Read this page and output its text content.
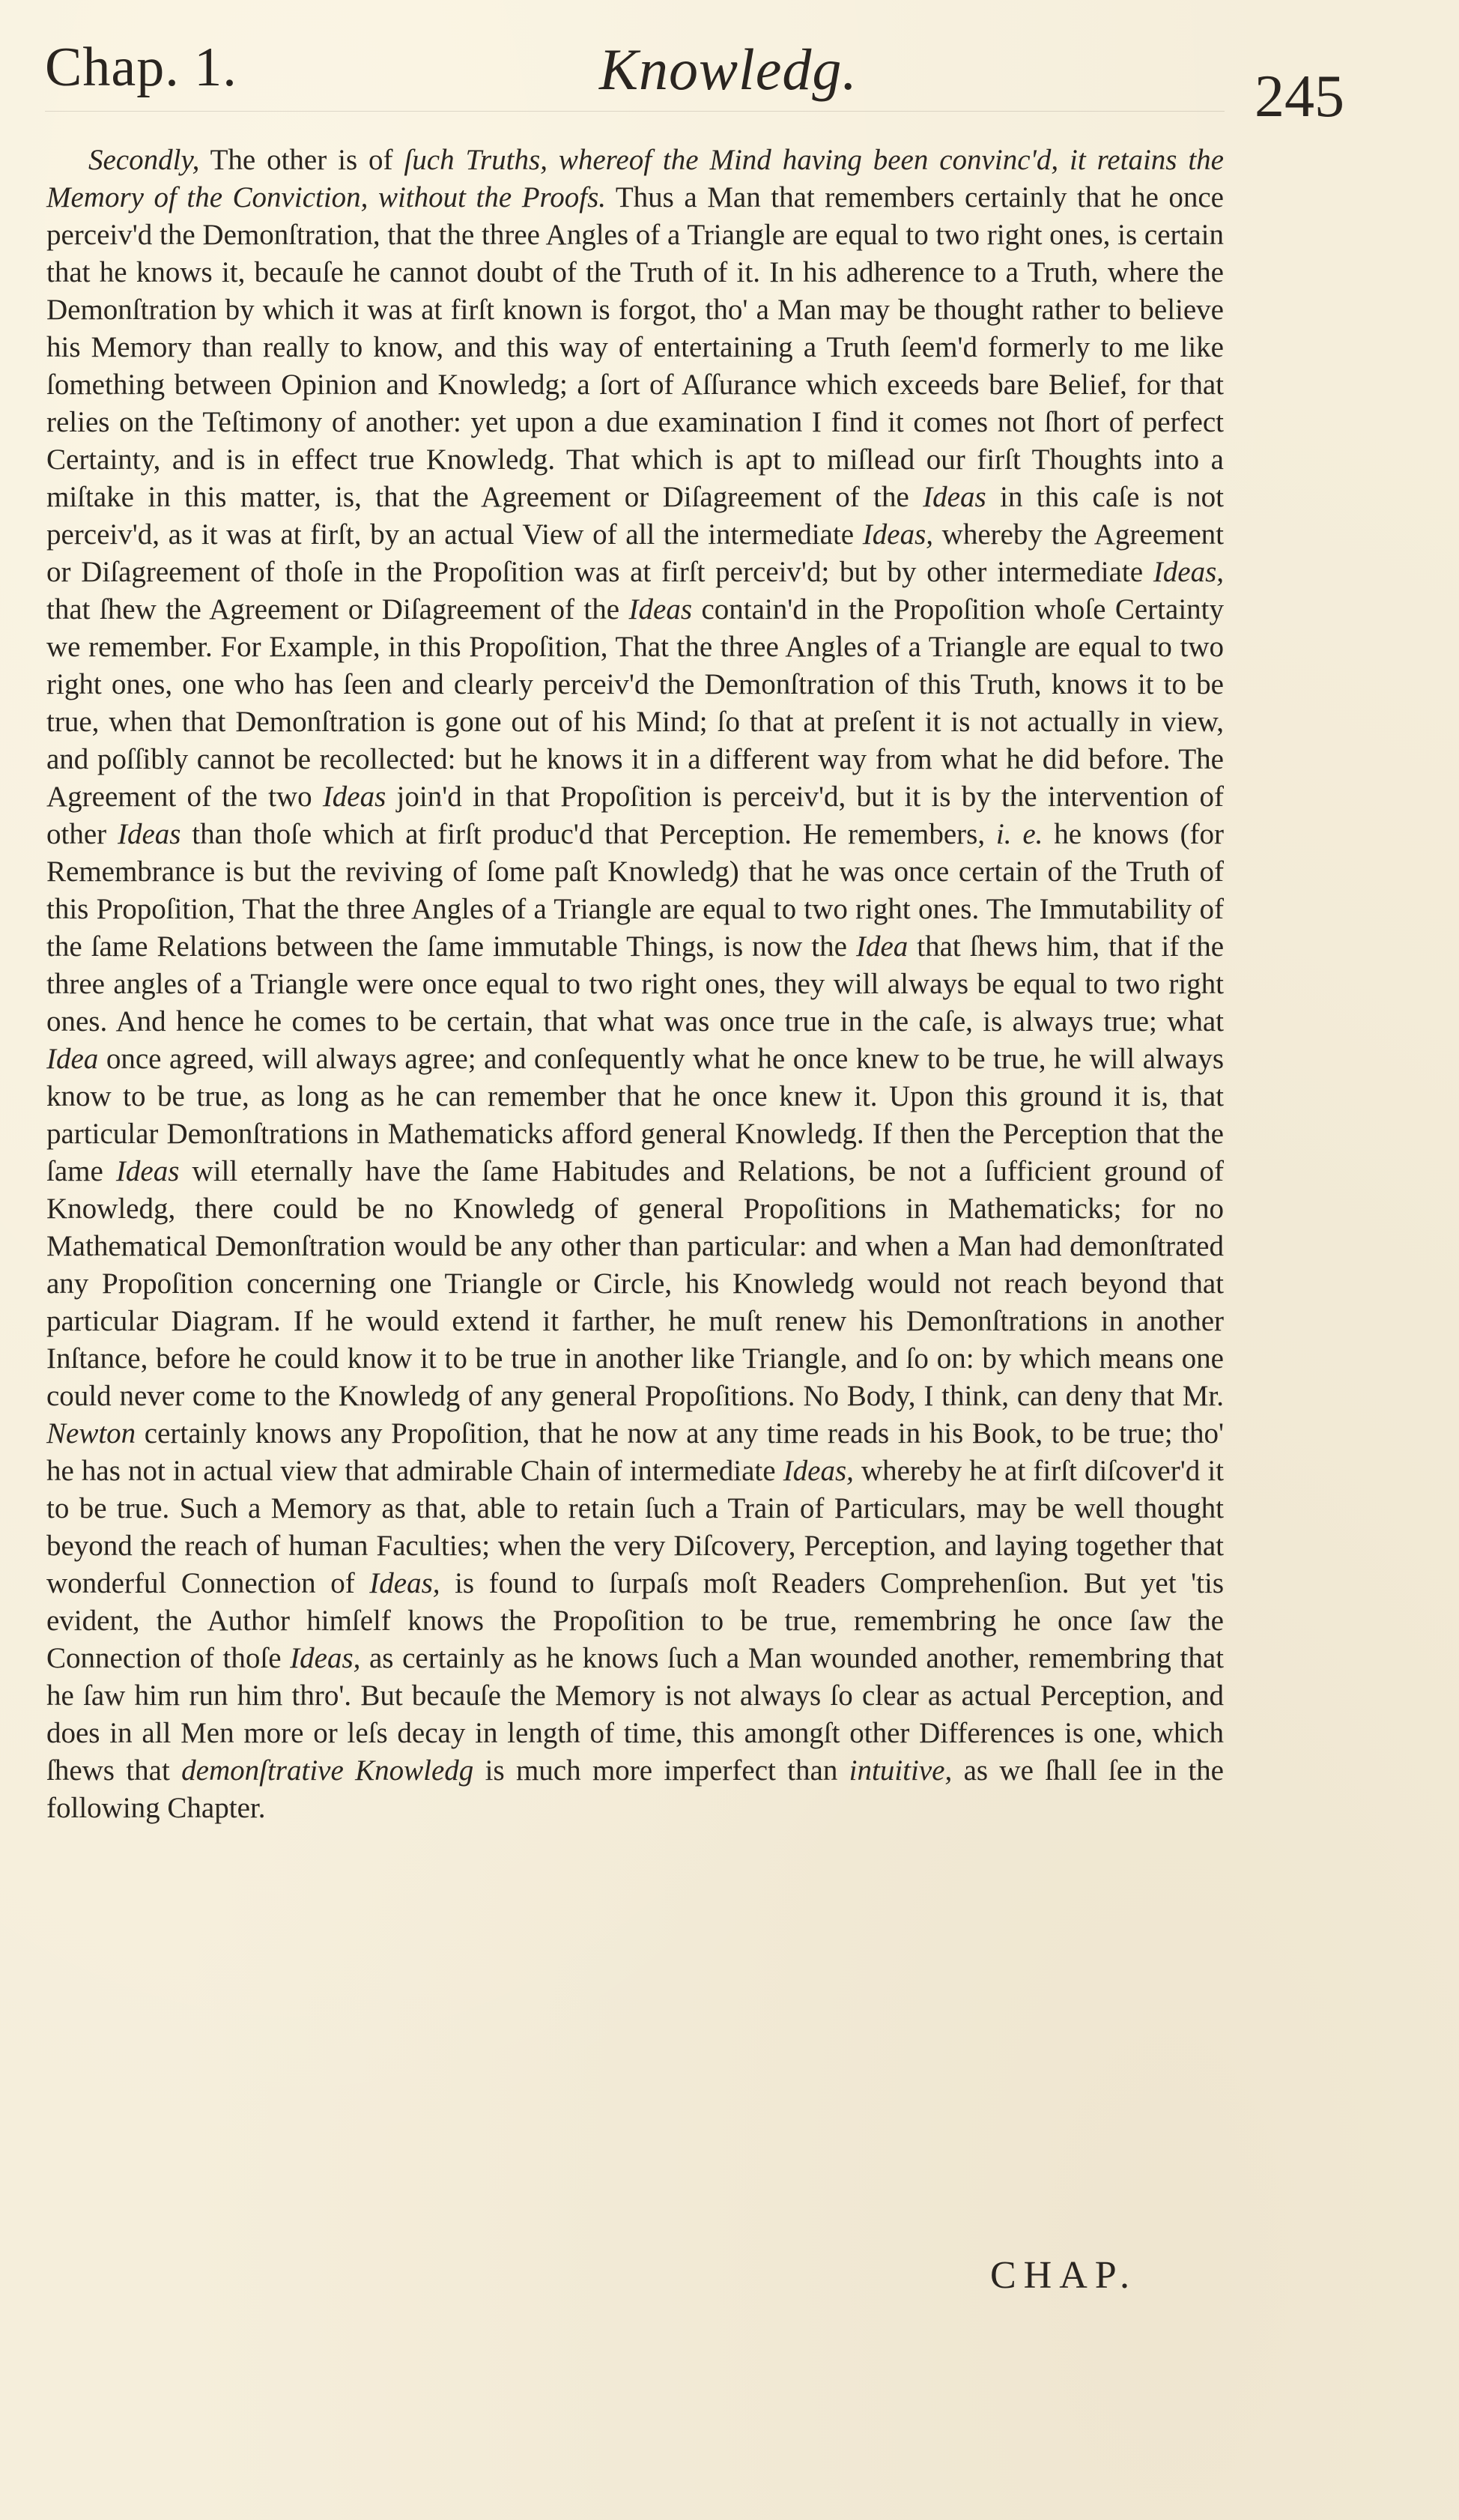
Chap. 1.	Knowledg.	245

Secondly, The other is of ſuch Truths, whereof the Mind having been convinc'd, it retains the Memory of the Conviction, without the Proofs. Thus a Man that remembers certainly that he once perceiv'd the Demonſtration, that the three Angles of a Triangle are equal to two right ones, is certain that he knows it, becauſe he cannot doubt of the Truth of it. In his adherence to a Truth, where the Demonſtration by which it was at firſt known is forgot, tho' a Man may be thought rather to believe his Memory than really to know, and this way of entertaining a Truth ſeem'd formerly to me like ſomething between Opinion and Knowledg; a ſort of Aſſurance which exceeds bare Belief, for that relies on the Teſtimony of another: yet upon a due examination I find it comes not ſhort of perfect Certainty, and is in effect true Knowledg. That which is apt to miſlead our firſt Thoughts into a miſtake in this matter, is, that the Agreement or Diſagreement of the Ideas in this caſe is not perceiv'd, as it was at firſt, by an actual View of all the intermediate Ideas, whereby the Agreement or Diſagreement of thoſe in the Propoſition was at firſt perceiv'd; but by other intermediate Ideas, that ſhew the Agreement or Diſagreement of the Ideas contain'd in the Propoſition whoſe Certainty we remember. For Example, in this Propoſition, That the three Angles of a Triangle are equal to two right ones, one who has ſeen and clearly perceiv'd the Demonſtration of this Truth, knows it to be true, when that Demonſtration is gone out of his Mind; ſo that at preſent it is not actually in view, and poſſibly cannot be recollected: but he knows it in a different way from what he did before. The Agreement of the two Ideas join'd in that Propoſition is perceiv'd, but it is by the intervention of other Ideas than thoſe which at firſt produc'd that Perception. He remembers, i. e. he knows (for Remembrance is but the reviving of ſome paſt Knowledg) that he was once certain of the Truth of this Propoſition, That the three Angles of a Triangle are equal to two right ones. The Immutability of the ſame Relations between the ſame immutable Things, is now the Idea that ſhews him, that if the three angles of a Triangle were once equal to two right ones, they will always be equal to two right ones. And hence he comes to be certain, that what was once true in the caſe, is always true; what Idea once agreed, will always agree; and conſequently what he once knew to be true, he will always know to be true, as long as he can remember that he once knew it. Upon this ground it is, that particular Demonſtrations in Mathematicks afford general Knowledg. If then the Perception that the ſame Ideas will eternally have the ſame Habitudes and Relations, be not a ſufficient ground of Knowledg, there could be no Knowledg of general Propoſitions in Mathematicks; for no Mathematical Demonſtration would be any other than particular: and when a Man had demonſtrated any Propoſition concerning one Triangle or Circle, his Knowledg would not reach beyond that particular Diagram. If he would extend it farther, he muſt renew his Demonſtrations in another Inſtance, before he could know it to be true in another like Triangle, and ſo on: by which means one could never come to the Knowledg of any general Propoſitions. No Body, I think, can deny that Mr. Newton certainly knows any Propoſition, that he now at any time reads in his Book, to be true; tho' he has not in actual view that admirable Chain of intermediate Ideas, whereby he at firſt diſcover'd it to be true. Such a Memory as that, able to retain ſuch a Train of Particulars, may be well thought beyond the reach of human Faculties; when the very Diſcovery, Perception, and laying together that wonderful Connection of Ideas, is found to ſurpaſs moſt Readers Comprehenſion. But yet 'tis evident, the Author himſelf knows the Propoſition to be true, remembring he once ſaw the Connection of thoſe Ideas, as certainly as he knows ſuch a Man wounded another, remembring that he ſaw him run him thro'. But becauſe the Memory is not always ſo clear as actual Perception, and does in all Men more or leſs decay in length of time, this amongſt other Differences is one, which ſhews that demonſtrative Knowledg is much more imperfect than intuitive, as we ſhall ſee in the following Chapter.

CHAP.
